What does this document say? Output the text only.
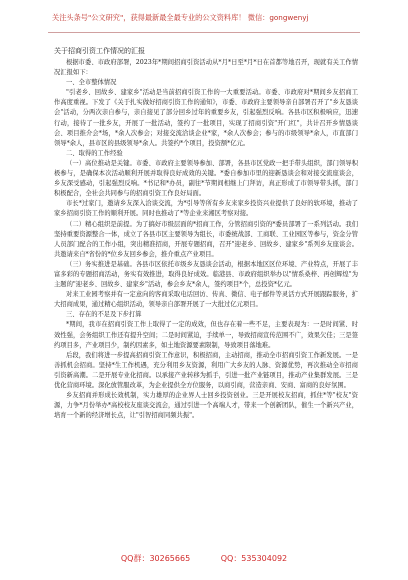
关注头条号"公文研究"，获得最新最全最专业的公文资料库！ 微信：gongwenyj
关于招商引资工作情况的汇报

根据市委、市政府部署，2023年*期间招商引资活动从*月*日至*月*日在首都等地召开，现就有关工作情况汇报如下：

一、全市整体情况

"引老乡、回故乡、建家乡"活动是当前招商引资工作的一大重要活动。市委、市政府对*期间乡友招商工作高度重视。下发了《关于扎实做好招商引资工作的通知》，市委、市政府主要领导亲自部署召开了"乡友恳谈会"活动，分两次亲自参与，亲自接见了部分回乡过年的重要乡友，引起强烈反响。各县市区积极响应，迅速行动，接待了一批乡友，开展了一批活动，签约了一批项目，实现了招商引资"开门红"，共计召开乡情恳谈会、项目推介会*场，*余人次参会；对接交流洽谈企业*家，*余人次参会；参与的市级领导*余人，市直部门领导*余人，县市区的县级领导*余人。共签约*个项目，投资额*亿元。

二、取得的工作经验

（一）高位推动是关键。市委、市政府主要领导参加、部署，各县市区党政一把手带头组织，部门领导积极参与，是确保本次活动顺利开展并取得良好成效的关键。*委自参加市里的迎新恳谈会和对接交流座谈会，乡友深受感动，引起强烈反响。*书记和*办员，副往*节期间相继上门拜访，真正形成了市领导带头抓，部门积极配合，全社会共同参与的招商引资工作良好局面。

市长*过家门，邀请乡友深入洽谈交流，为*引导等所有乡友来家乡投资兴业提供了良好的软环境，推动了家乡招商引资工作的顺利开展。同时也推动了*等企业来湘区考察对接。

（二）精心组织是前提。为了搞好市级层面的*招商工作，分管招商引资的*委员部署了一系列活动。我们坚持重要资源整合一体，成立了各县市区主要领导为组长，市委统战部、工商联、工业园区等参与，资金分管人员部门配合的工作小组，突出精准招商，开展专题招商，召开"迎老乡、回故乡、建家乡"系列乡友座谈会。共邀请来自*省份的*位乡友回乡参会，推介重点产业项目。

（三）务实推进是基础。各县市区依托市级乡友恳谈会活动，根据本地区区位环境、产业特点，开展了丰富多彩的专题招商活动，务实有效推进，取得良好成效。临港县、市政府组织举办以"情系桑梓、再创辉煌"为主题的"迎老乡、回故乡、建家乡"活动，参会乡友*余人，签约项目*个，总投资*亿元。

对来工业园考察并有一定意向的客商采取电话回访、传真、微信、电子邮件等灵活方式开展跟踪服务，扩大招商成果，通过精心组织活动，领导亲自部署开展了一大批过亿元项目。

三、存在的不足及下步打算

*期间，我市在招商引资工作上取得了一定的成效，但也存在着一些不足，主要表现为：一是时间紧、时效性强，会务组织工作还有提升空间；二是时间紧迫，手续单一，导致招商宣传范围不广，效果欠佳；三是签约项目多，产业项目少，制约因素多，如土地资源要素限制，导致项目落地难。

后段，我们将进一步提高招商引资工作意识，积极招商，主动招商，推动全市招商引资工作新发展。一是善抓机会招商。坚持*生工作机遇，充分利用乡友资源，利用广大乡友的人脉、资源优势，再次推动全市招商引资新高潮。二是开展专业化招商。以承接产业转移为抓手，引进一批产业链项目，推动产业集群发展。三是优化营商环境。深化放管服改革，为企业提供全方位服务，以商引商，营造亲商、安商、富商的良好氛围。

乡友招商并形成长效机制，实力雄厚的企业界人士回乡投资创业。三是开展校友招商，抓住*等"校友"资源，力争*月份举办*高校校友座谈交流会，通过引进一个高端人才，带来一个创新团队，催生一个新兴产业，培育一个新的经济增长点，让"引智招商同频共振"。

QQ群：30265665	QQ：535304092
